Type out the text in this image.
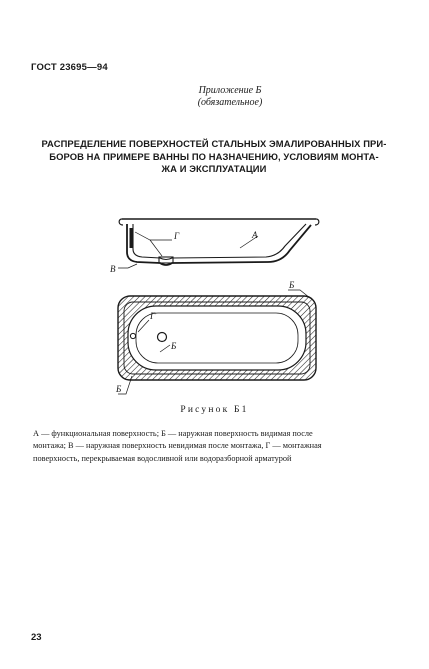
ГОСТ 23695—94
Приложение Б
(обязательное)
РАСПРЕДЕЛЕНИЕ ПОВЕРХНОСТЕЙ СТАЛЬНЫХ ЭМАЛИРОВАННЫХ ПРИ-
БОРОВ НА ПРИМЕРЕ ВАННЫ ПО НАЗНАЧЕНИЮ, УСЛОВИЯМ МОНТА-
ЖА И ЭКСПЛУАТАЦИИ
Г	А
В
Г
Б
Б
Б
Рисунок Б1
А — функциональная поверхность; Б — наружная поверхность видимая после
монтажа; В — наружная поверхность невидимая после монтажа, Г — монтажная
поверхность, перекрываемая водосливной или водоразборной арматурой
23
